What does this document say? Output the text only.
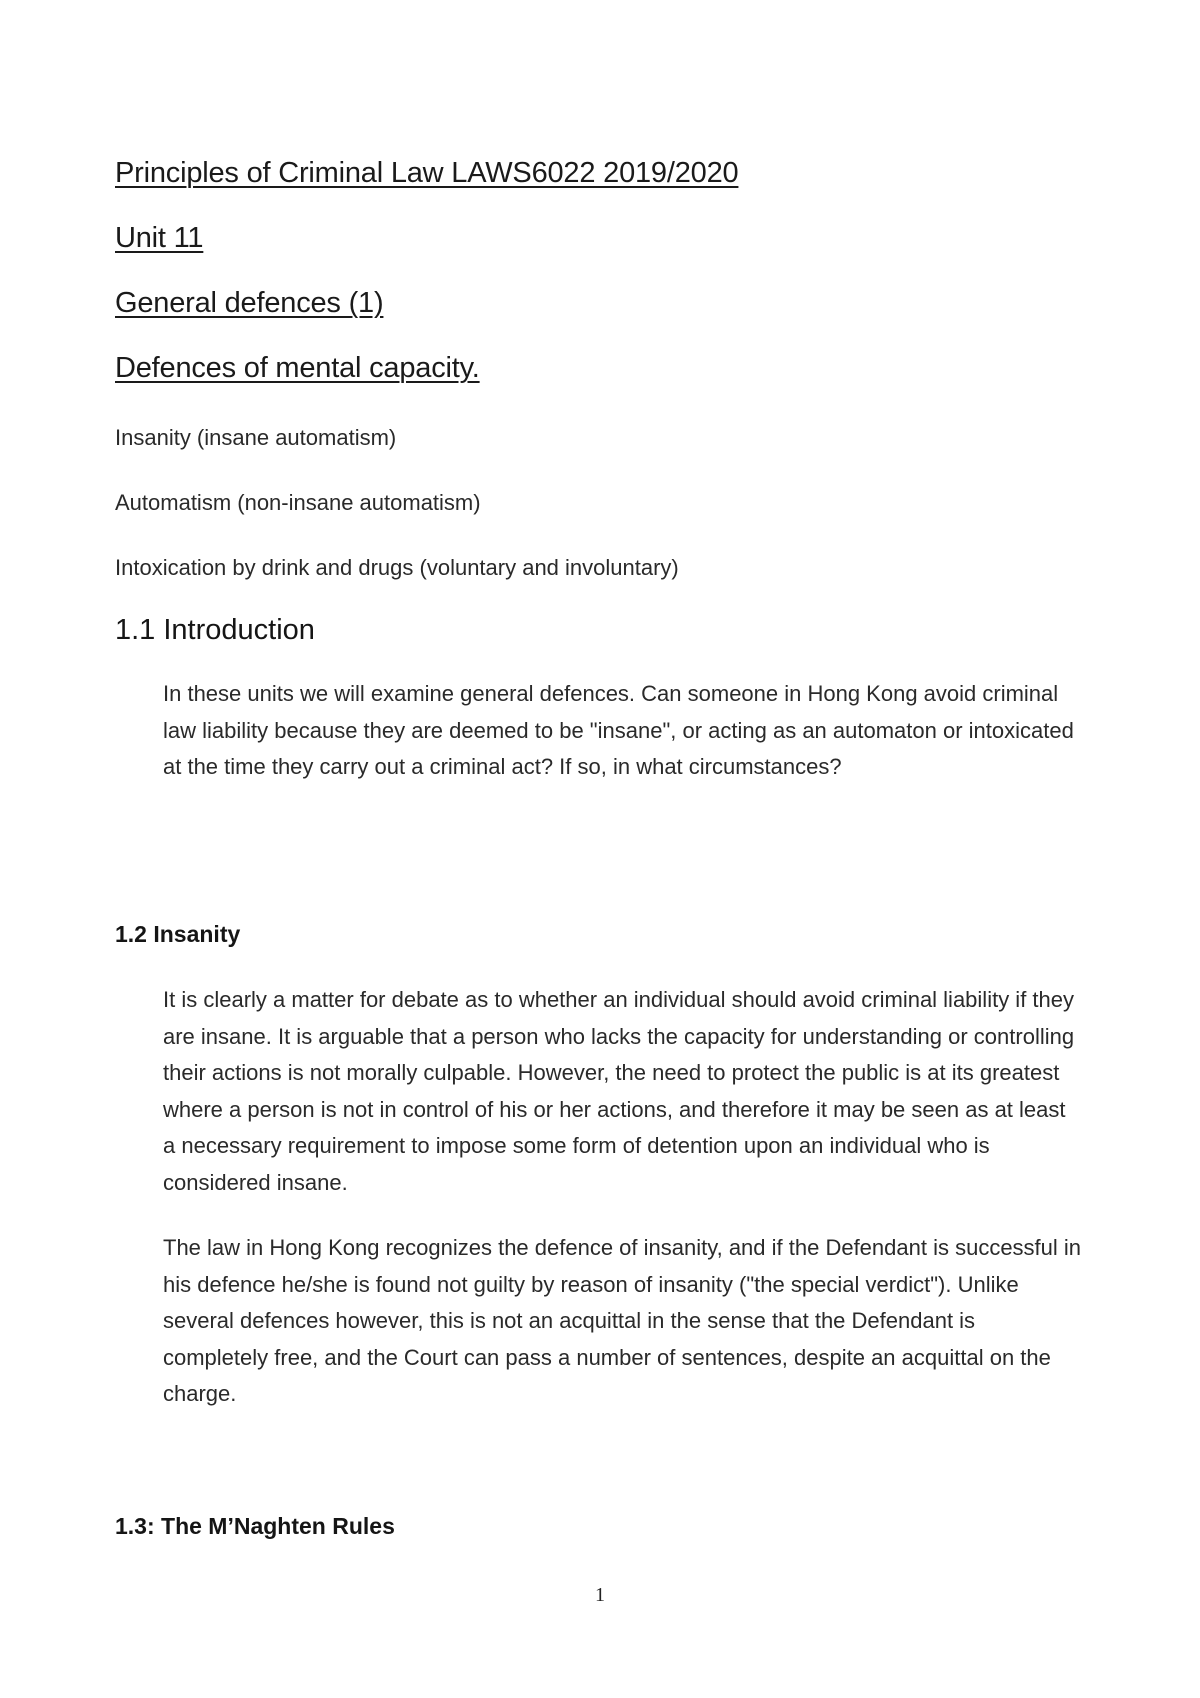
Principles of Criminal Law LAWS6022 2019/2020
Unit 11
General defences (1)
Defences of mental capacity.
Insanity (insane automatism)
Automatism (non-insane automatism)
Intoxication by drink and drugs (voluntary and involuntary)
1.1 Introduction

In these units we will examine general defences. Can someone in Hong Kong avoid criminal law liability because they are deemed to be "insane", or acting as an automaton or intoxicated at the time they carry out a criminal act? If so, in what circumstances?

1.2 Insanity

It is clearly a matter for debate as to whether an individual should avoid criminal liability if they are insane. It is arguable that a person who lacks the capacity for understanding or controlling their actions is not morally culpable. However, the need to protect the public is at its greatest where a person is not in control of his or her actions, and therefore it may be seen as at least a necessary requirement to impose some form of detention upon an individual who is considered insane.

The law in Hong Kong recognizes the defence of insanity, and if the Defendant is successful in his defence he/she is found not guilty by reason of insanity ("the special verdict"). Unlike several defences however, this is not an acquittal in the sense that the Defendant is completely free, and the Court can pass a number of sentences, despite an acquittal on the charge.

1.3: The M’Naghten Rules
1
